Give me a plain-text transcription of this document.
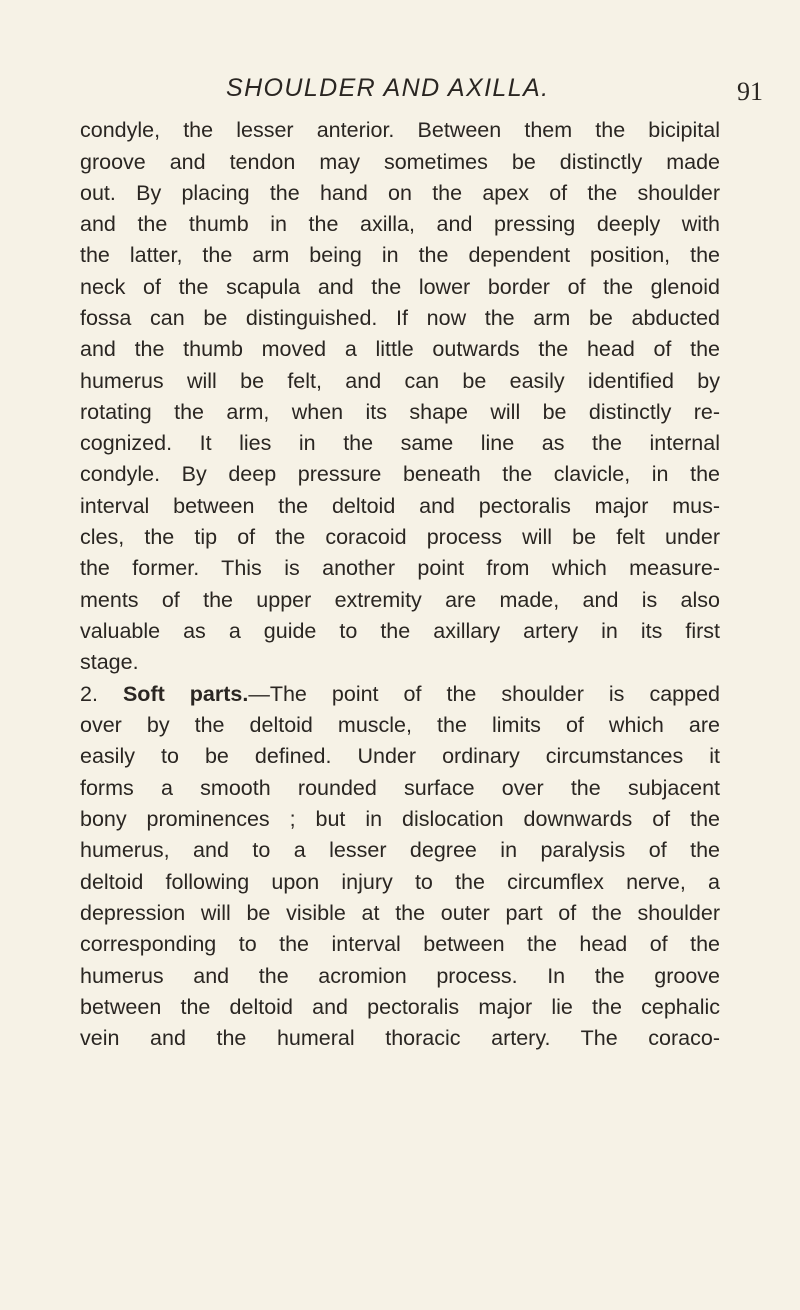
SHOULDER AND AXILLA.	91
condyle, the lesser anterior. Between them the bicipital
groove and tendon may sometimes be distinctly made
out. By placing the hand on the apex of the shoulder
and the thumb in the axilla, and pressing deeply with
the latter, the arm being in the dependent position, the
neck of the scapula and the lower border of the glenoid
fossa can be distinguished. If now the arm be abducted
and the thumb moved a little outwards the head of the
humerus will be felt, and can be easily identified by
rotating the arm, when its shape will be distinctly re-
cognized. It lies in the same line as the internal
condyle. By deep pressure beneath the clavicle, in the
interval between the deltoid and pectoralis major mus-
cles, the tip of the coracoid process will be felt under
the former. This is another point from which measure-
ments of the upper extremity are made, and is also
valuable as a guide to the axillary artery in its first
stage.
2. Soft parts.—The point of the shoulder is capped
over by the deltoid muscle, the limits of which are
easily to be defined. Under ordinary circumstances it
forms a smooth rounded surface over the subjacent
bony prominences ; but in dislocation downwards of the
humerus, and to a lesser degree in paralysis of the
deltoid following upon injury to the circumflex nerve, a
depression will be visible at the outer part of the shoulder
corresponding to the interval between the head of the
humerus and the acromion process. In the groove
between the deltoid and pectoralis major lie the cephalic
vein and the humeral thoracic artery. The coraco-
